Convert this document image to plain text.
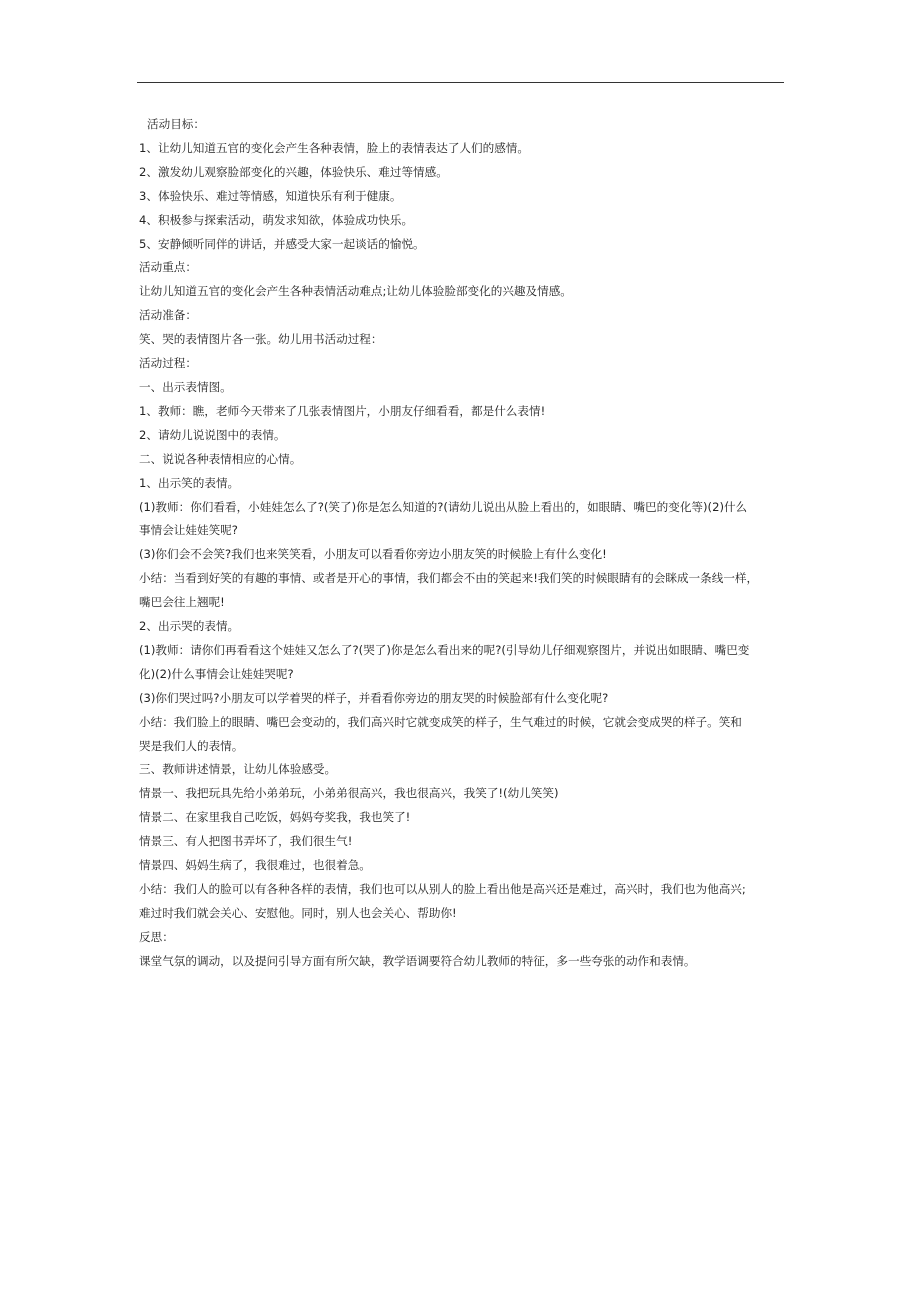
活动目标：

1、让幼儿知道五官的变化会产生各种表情，脸上的表情表达了人们的感情。

2、激发幼儿观察脸部变化的兴趣，体验快乐、难过等情感。

3、体验快乐、难过等情感，知道快乐有利于健康。

4、积极参与探索活动，萌发求知欲，体验成功快乐。

5、安静倾听同伴的讲话，并感受大家一起谈话的愉悦。

活动重点：

让幼儿知道五官的变化会产生各种表情活动难点;让幼儿体验脸部变化的兴趣及情感。

活动准备：

笑、哭的表情图片各一张。幼儿用书活动过程：

活动过程：

一、出示表情图。

1、教师：瞧，老师今天带来了几张表情图片，小朋友仔细看看，都是什么表情!

2、请幼儿说说图中的表情。

二、说说各种表情相应的心情。

1、出示笑的表情。

(1)教师：你们看看，小娃娃怎么了?(笑了)你是怎么知道的?(请幼儿说出从脸上看出的，如眼睛、嘴巴的变化等)(2)什么

事情会让娃娃笑呢?

(3)你们会不会笑?我们也来笑笑看，小朋友可以看看你旁边小朋友笑的时候脸上有什么变化!

小结：当看到好笑的有趣的事情、或者是开心的事情，我们都会不由的笑起来!我们笑的时候眼睛有的会眯成一条线一样，

嘴巴会往上翘呢!

2、出示哭的表情。

(1)教师：请你们再看看这个娃娃又怎么了?(哭了)你是怎么看出来的呢?(引导幼儿仔细观察图片，并说出如眼睛、嘴巴变

化)(2)什么事情会让娃娃哭呢?

(3)你们哭过吗?小朋友可以学着哭的样子，并看看你旁边的朋友哭的时候脸部有什么变化呢?

小结：我们脸上的眼睛、嘴巴会变动的，我们高兴时它就变成笑的样子，生气难过的时候，它就会变成哭的样子。笑和

哭是我们人的表情。

三、教师讲述情景，让幼儿体验感受。

情景一、我把玩具先给小弟弟玩，小弟弟很高兴，我也很高兴，我笑了!(幼儿笑笑)

情景二、在家里我自己吃饭，妈妈夸奖我，我也笑了!

情景三、有人把图书弄坏了，我们很生气!

情景四、妈妈生病了，我很难过，也很着急。

小结：我们人的脸可以有各种各样的表情，我们也可以从别人的脸上看出他是高兴还是难过，高兴时，我们也为他高兴;

难过时我们就会关心、安慰他。同时，别人也会关心、帮助你!

反思：

课堂气氛的调动，以及提问引导方面有所欠缺，教学语调要符合幼儿教师的特征，多一些夸张的动作和表情。
